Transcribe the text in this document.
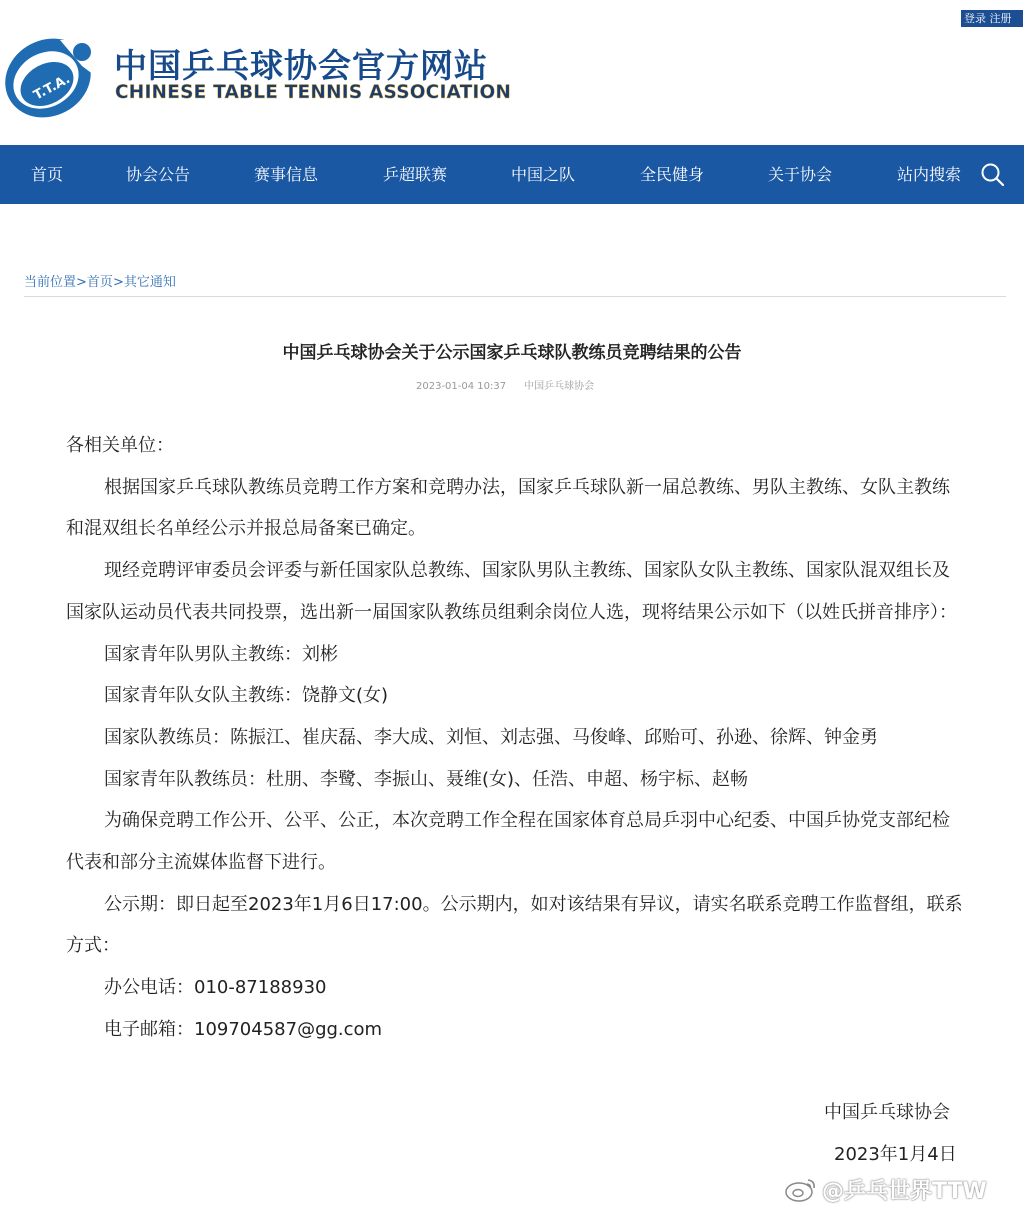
登录 注册
T.T.A.
中国乒乓球协会官方网站
CHINESE TABLE TENNIS ASSOCIATION
首页	协会公告	赛事信息	乒超联赛	中国之队	全民健身	关于协会	站内搜索
当前位置>首页>其它通知
中国乒乓球协会关于公示国家乒乓球队教练员竞聘结果的公告
2023-01-04 10:37 中国乒乓球协会

各相关单位：

根据国家乒乓球队教练员竞聘工作方案和竞聘办法，国家乒乓球队新一届总教练、男队主教练、女队主教练和混双组长名单经公示并报总局备案已确定。

现经竞聘评审委员会评委与新任国家队总教练、国家队男队主教练、国家队女队主教练、国家队混双组长及国家队运动员代表共同投票，选出新一届国家队教练员组剩余岗位人选，现将结果公示如下（以姓氏拼音排序）：

国家青年队男队主教练：刘彬

国家青年队女队主教练：饶静文(女)

国家队教练员：陈振江、崔庆磊、李大成、刘恒、刘志强、马俊峰、邱贻可、孙逊、徐辉、钟金勇

国家青年队教练员：杜朋、李鹭、李振山、聂维(女)、任浩、申超、杨宇标、赵畅

为确保竞聘工作公开、公平、公正，本次竞聘工作全程在国家体育总局乒羽中心纪委、中国乒协党支部纪检代表和部分主流媒体监督下进行。

公示期：即日起至2023年1月6日17:00。公示期内，如对该结果有异议，请实名联系竞聘工作监督组，联系方式：

办公电话：010-87188930

电子邮箱：109704587@gg.com

中国乒乓球协会
2023年1月4日
@乒乓世界TTW
